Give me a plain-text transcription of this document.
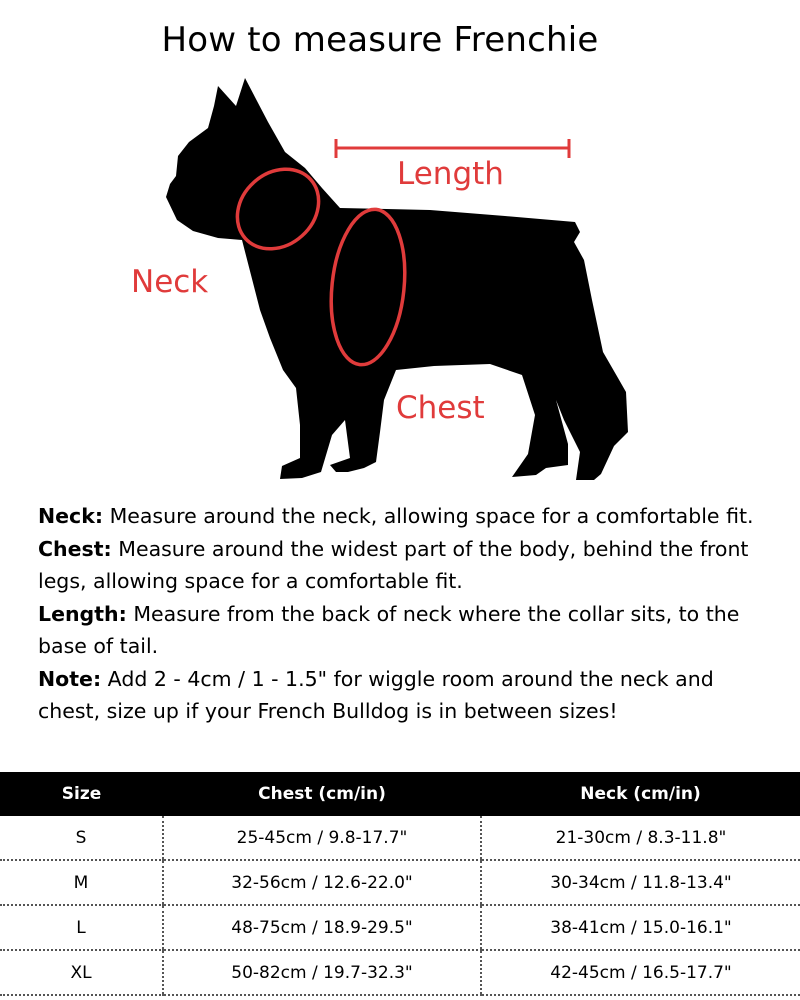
How to measure Frenchie
Length
Neck
Chest

Neck: Measure around the neck, allowing space for a comfortable fit.

Chest: Measure around the widest part of the body, behind the front legs, allowing space for a comfortable fit.

Length: Measure from the back of neck where the collar sits, to the base of tail.

Note: Add 2 - 4cm / 1 - 1.5" for wiggle room around the neck and chest, size up if your French Bulldog is in between sizes!

Size	Chest (cm/in)	Neck (cm/in)
S	25-45cm / 9.8-17.7"	21-30cm / 8.3-11.8"
M	32-56cm / 12.6-22.0"	30-34cm / 11.8-13.4"
L	48-75cm / 18.9-29.5"	38-41cm / 15.0-16.1"
XL	50-82cm / 19.7-32.3"	42-45cm / 16.5-17.7"
